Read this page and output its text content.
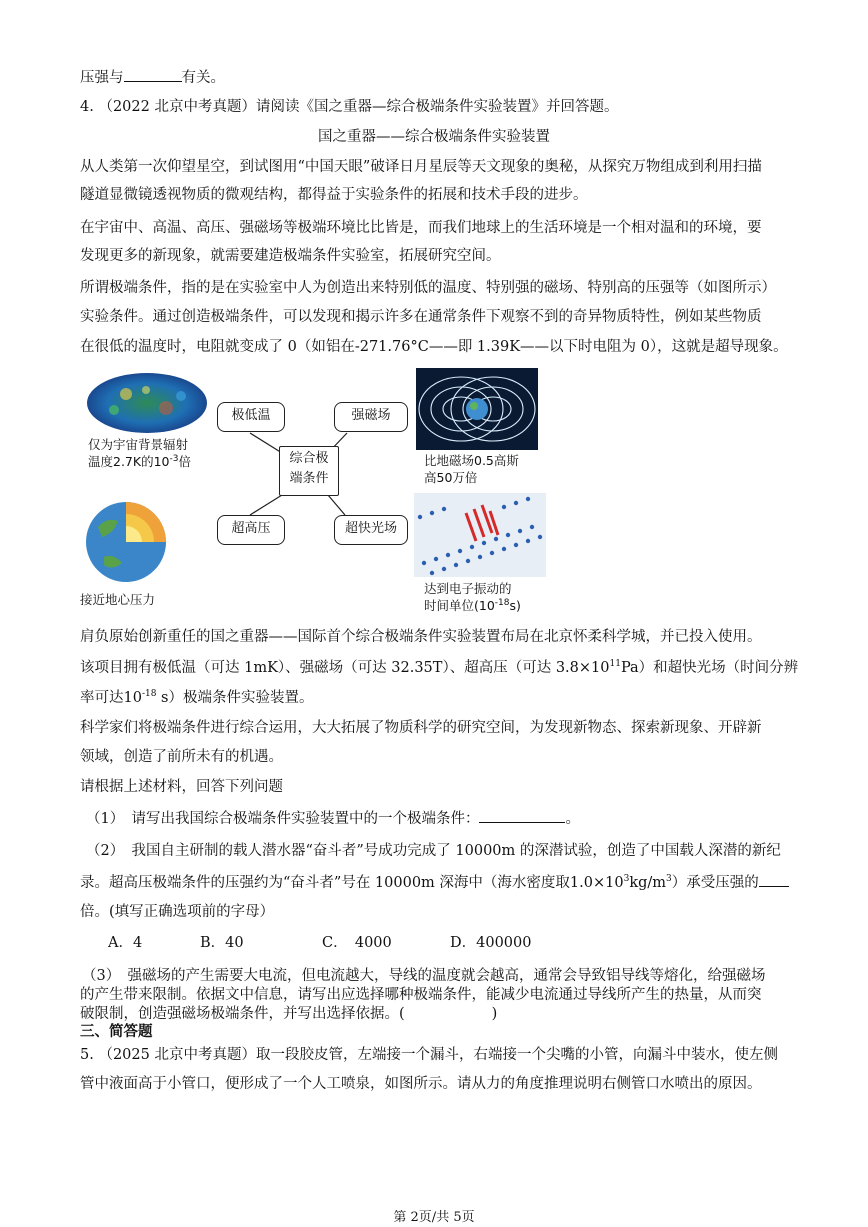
压强与	有关。
4. （2022 北京中考真题）请阅读《国之重器—综合极端条件实验装置》并回答题。
国之重器——综合极端条件实验装置
从人类第一次仰望星空，到试图用“中国天眼”破译日月星辰等天文现象的奥秘，从探究万物组成到利用扫描
隧道显微镜透视物质的微观结构，都得益于实验条件的拓展和技术手段的进步。
在宇宙中、高温、高压、强磁场等极端环境比比皆是，而我们地球上的生活环境是一个相对温和的环境，要
发现更多的新现象，就需要建造极端条件实验室，拓展研究空间。
所谓极端条件，指的是在实验室中人为创造出来特别低的温度、特别强的磁场、特别高的压强等（如图所示）
实验条件。通过创造极端条件，可以发现和揭示许多在通常条件下观察不到的奇异物质特性，例如某些物质
在很低的温度时，电阻就变成了 0（如铝在-271.76°C——即 1.39K——以下时电阻为 0），这就是超导现象。
仅为宇宙背景辐射
温度2.7K的$10^{-3}$倍
极低温	强磁场
综合极端条件
超高压	超快光场
比地磁场0.5高斯
高50万倍
接近地心压力
达到电子振动的
时间单位$(10^{-18}s)$
肩负原始创新重任的国之重器——国际首个综合极端条件实验装置布局在北京怀柔科学城，并已投入使用。
该项目拥有极低温（可达 1mK）、强磁场（可达 32.35T）、超高压（可达 $3.8\times 10^{11}Pa$）和超快光场（时间分辨
率可达$10^{-18}$ s）极端条件实验装置。
科学家们将极端条件进行综合运用，大大拓展了物质科学的研究空间，为发现新物态、探索新现象、开辟新
领域，创造了前所未有的机遇。
请根据上述材料，回答下列问题
（1）　请写出我国综合极端条件实验装置中的一个极端条件：	。
（2）　我国自主研制的载人潜水器“奋斗者”号成功完成了 10000m 的深潜试验，创造了中国载人深潜的新纪
录。超高压极端条件的压强约为“奋斗者”号在 10000m 深海中（海水密度取$1.0\times 10^3kg/m^3$）承受压强的
倍。(填写正确选项前的字母）
A．4	B．40	C．　4000	D．400000
（3）　强磁场的产生需要大电流，但电流越大，导线的温度就会越高，通常会导致铝导线等熔化，给强磁场
的产生带来限制。依据文中信息，请写出应选择哪种极端条件，能减少电流通过导线所产生的热量，从而突
破限制，创造强磁场极端条件，并写出选择依据。(　　　　　　)
三、简答题
5. （2025 北京中考真题）取一段胶皮管，左端接一个漏斗，右端接一个尖嘴的小管，向漏斗中装水，使左侧
管中液面高于小管口，便形成了一个人工喷泉，如图所示。请从力的角度推理说明右侧管口水喷出的原因。
第 2页/共 5页
